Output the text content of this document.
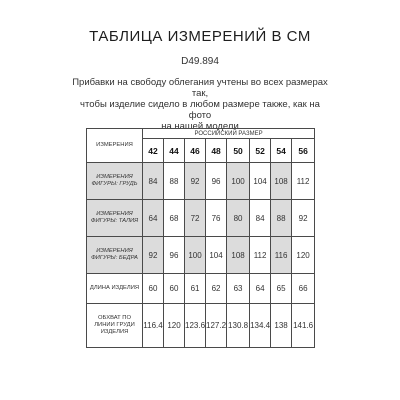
ТАБЛИЦА ИЗМЕРЕНИЙ В СМ
D49.894
Прибавки на свободу облегания учтены во всех размерах так,
чтобы изделие сидело в любом размере также, как на фото
на нашей модели
ИЗМЕРЕНИЯ	РОССИЙСКИЙ РАЗМЕР							
	42	44	46	48	50	52	54	56
ИЗМЕРЕНИЯ ФИГУРЫ: ГРУДЬ	84	88	92	96	100	104	108	112
ИЗМЕРЕНИЯ ФИГУРЫ: ТАЛИЯ	64	68	72	76	80	84	88	92
ИЗМЕРЕНИЯ ФИГУРЫ: БЕДРА	92	96	100	104	108	112	116	120
ДЛИНА ИЗДЕЛИЯ	60	60	61	62	63	64	65	66
ОБХВАТ ПО ЛИНИИ ГРУДИ ИЗДЕЛИЯ	116.4	120	123.6	127.2	130.8	134.4	138	141.6
